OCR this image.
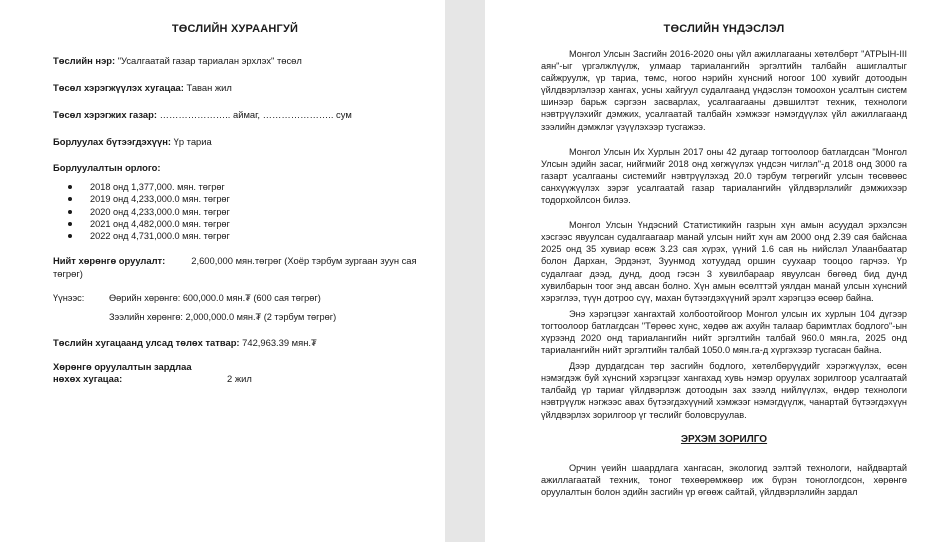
ТӨСЛИЙН ХУРААНГУЙ

Төслийн нэр: "Усалгаатай газар тариалан эрхлэх" төсөл

Төсөл хэрэгжүүлэх хугацаа: Таван жил

Төсөл хэрэгжих газар: ………………….. аймаг, ………………….. сум

Борлуулах бүтээгдэхүүн: Үр тариа

Борлуулалтын орлого:
2018 онд 1,377,000. мян. төгрөг
2019 онд 4,233,000.0 мян. төгрөг
2020 онд 4,233,000.0 мян. төгрөг
2021 онд 4,482,000.0 мян. төгрөг
2022 онд 4,731,000.0 мян. төгрөг

Нийт хөрөнгө оруулалт:	2,600,000 мян.төгрөг (Хоёр тэрбум зургаан зуун сая төгрөг)

Үүнээс:	Өөрийн хөрөнгө: 600,000.0 мян.₮ (600 сая төгрөг)
Зээлийн хөрөнгө: 2,000,000.0 мян.₮ (2 тэрбум төгрөг)

Төслийн хугацаанд улсад төлөх татвар: 742,963.39 мян.₮

Хөрөнгө оруулалтын зардлаа
нөхөх хугацаа:	2 жил
ТӨСЛИЙН ҮНДЭСЛЭЛ

Монгол Улсын Засгийн 2016-2020 оны үйл ажиллагааны хөтөлбөрт "АТРЫН-III аян"-ыг үргэлжлүүлж, улмаар тариалангийн эргэлтийн талбайн ашиглалтыг сайжруулж, үр тариа, төмс, ногоо нэрийн хүнсний ногоог 100 хувийг дотоодын үйлдвэрлэлээр хангах, усны хайгуул судалгаанд үндэслэн томоохон усалтын систем шинээр барьж сэргээн засварлах, усалгаагааны дэвшилтэт техник, технологи нэвтрүүлэхийг дэмжих, усалгаатай талбайн хэмжээг нэмэгдүүлэх үйл ажиллагаанд зээлийн дэмжлэг үзүүлэхээр тусгажээ.

Монгол Улсын Их Хурлын 2017 оны 42 дугаар тогтоолоор батлагдсан "Монгол Улсын эдийн засаг, нийгмийг 2018 онд хөгжүүлэх үндсэн чиглэл"-д 2018 онд 3000 га газарт усалгааны системийг нэвтрүүлэхэд 20.0 тэрбум төгрөгийг улсын төсөвөөс санхүүжүүлэх зэрэг усалгаатай газар тариалангийн үйлдвэрлэлийг дэмжихээр тодорхойлсон билээ.

Монгол Улсын Үндэсний Статистикийн газрын хүн амын асуудал эрхэлсэн хэсгээс явуулсан судалгаагаар манай улсын нийт хүн ам 2000 онд 2.39 сая байснаа 2025 онд 35 хувиар өсөж 3.23 сая хүрэх, үүний 1.6 сая нь нийслэл Улаанбаатар болон Дархан, Эрдэнэт, Зуунмод хотуудад оршин суухаар тооцоо гарчээ. Үр судалгааг дээд, дунд, доод гэсэн 3 хувилбараар явуулсан бөгөөд бид дунд хувилбарын тоог энд авсан болно. Хүн амын өсөлттэй уялдан манай улсын хүнсний хэрэглээ, түүн дотроо сүү, махан бүтээгдэхүүний эрэлт хэрэгцээ өсөөр байна.

Энэ хэрэгцээг хангахтай холбоотойгоор Монгол улсын их хурлын 104 дүгээр тогтоолоор батлагдсан "Төрөөс хүнс, хөдөө аж ахуйн талаар баримтлах бодлого"-ын хүрээнд 2020 онд тариалангийн нийт эргэлтийн талбай 960.0 мян.га, 2025 онд тариалангийн нийт эргэлтийн талбай 1050.0 мян.га-д хүргэхээр тусгасан байна.

Дээр дурдагдсан төр засгийн бодлого, хөтөлбөрүүдийг хэрэгжүүлэх, өсөн нэмэгдэж буй хүнсний хэрэгцээг хангахад хувь нэмэр оруулах зорилгоор усалгаатай талбайд үр тариаг үйлдвэрлэж дотоодын зах зээлд нийлүүлэх, өндөр технологи нэвтрүүлж нэгжээс авах бүтээгдэхүүний хэмжээг нэмэгдүүлж, чанартай бүтээгдэхүүн үйлдвэрлэх зорилгоор үг төслийг боловсруулав.

ЭРХЭМ ЗОРИЛГО

Орчин үеийн шаардлага хангасан, экологид ээлтэй технологи, найдвартай ажиллагаатай техник, тоног төхөөрөмжөөр иж бүрэн тоноглогдсон, хөрөнгө оруулалтын болон эдийн засгийн үр өгөөж сайтай, үйлдвэрлэлийн зардал
